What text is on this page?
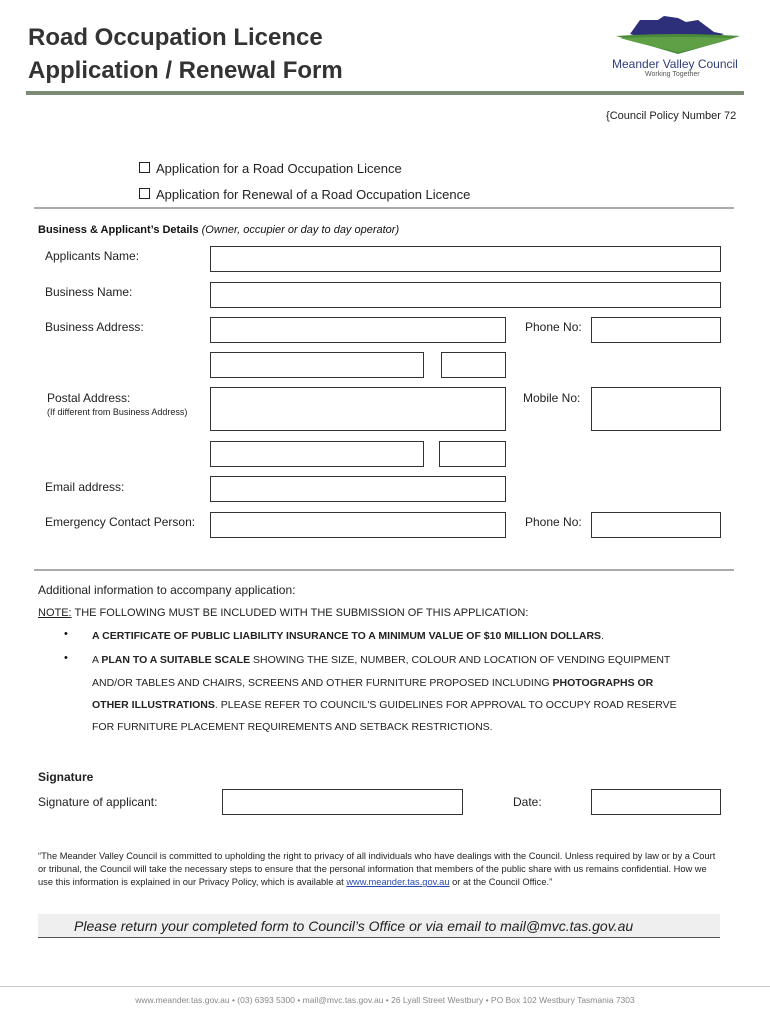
Road Occupation Licence
Application / Renewal Form	Meander Valley Council
Working Together
{Council Policy Number 72
Application for a Road Occupation Licence
Application for Renewal of a Road Occupation Licence
Business & Applicant’s Details (Owner, occupier or day to day operator)
Applicants Name:
Business Name:
Business Address:	Phone No:
Postal Address:
(If different from Business Address)
Mobile No:
Email address:
Emergency Contact Person:	Phone No:
Additional information to accompany application:
NOTE: THE FOLLOWING MUST BE INCLUDED WITH THE SUBMISSION OF THIS APPLICATION:
• A CERTIFICATE OF PUBLIC LIABILITY INSURANCE TO A MINIMUM VALUE OF $10 MILLION DOLLARS.
• A PLAN TO A SUITABLE SCALE SHOWING THE SIZE, NUMBER, COLOUR AND LOCATION OF VENDING EQUIPMENT
AND/OR TABLES AND CHAIRS, SCREENS AND OTHER FURNITURE PROPOSED INCLUDING PHOTOGRAPHS OR
OTHER ILLUSTRATIONS. PLEASE REFER TO COUNCIL'S GUIDELINES FOR APPROVAL TO OCCUPY ROAD RESERVE
FOR FURNITURE PLACEMENT REQUIREMENTS AND SETBACK RESTRICTIONS.
Signature
Signature of applicant:	Date:
“The Meander Valley Council is committed to upholding the right to privacy of all individuals who have dealings with the Council. Unless required by law or by a Court or tribunal, the Council will take the necessary steps to ensure that the personal information that members of the public share with us remains confidential. How we use this information is explained in our Privacy Policy, which is available at www.meander.tas.gov.au or at the Council Office.”
Please return your completed form to Council’s Office or via email to mail@mvc.tas.gov.au
www.meander.tas.gov.au • (03) 6393 5300 • mail@mvc.tas.gov.au • 26 Lyall Street Westbury • PO Box 102 Westbury Tasmania 7303
